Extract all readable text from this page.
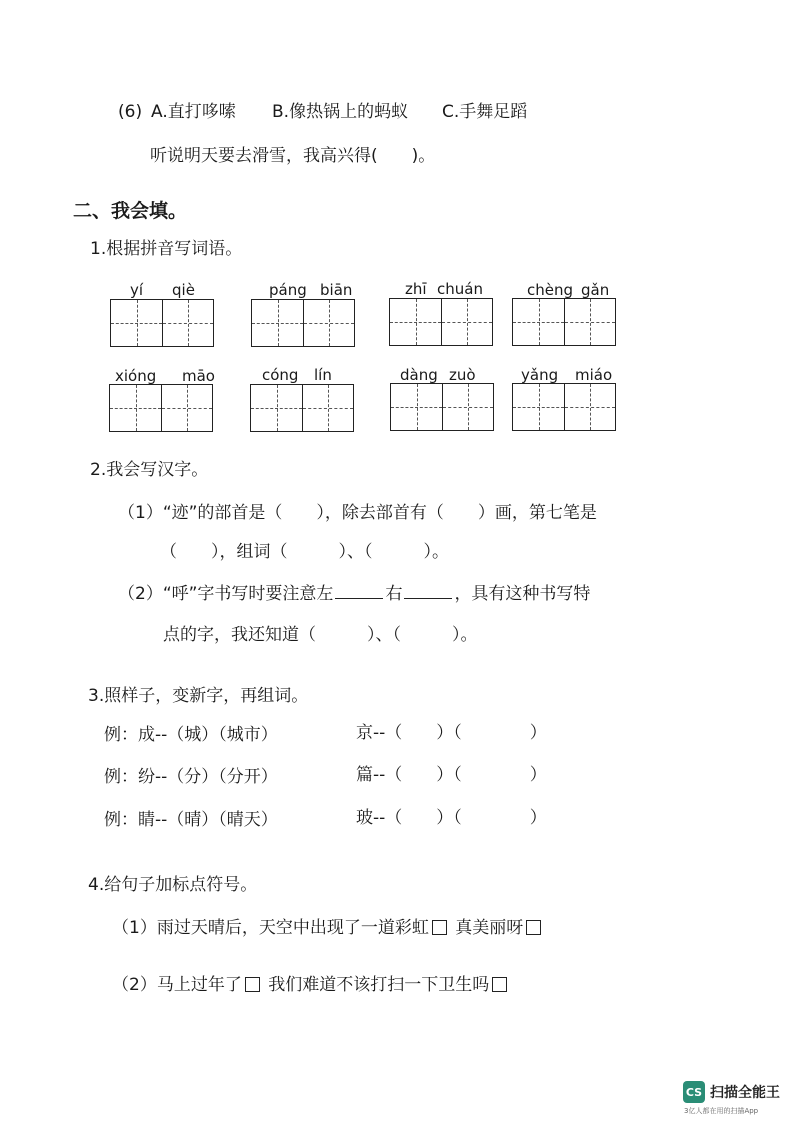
(6) A.直打哆嗦 B.像热锅上的蚂蚁 C.手舞足蹈
听说明天要去滑雪，我高兴得(　　)。
二、我会填。
1.根据拼音写词语。
yí qiè	páng biān	zhī chuán	chèng gǎn
xióng māo	cóng lín	dàng zuò	yǎng miáo
2.我会写汉字。
（1）“迹”的部首是（　　），除去部首有（　　）画，第七笔是
（　　），组词（　　　）、（　　　）。
（2）“呼”字书写时要注意左	右	，具有这种书写特
点的字，我还知道（　　　）、（　　　）。
3.照样子，变新字，再组词。
例：成--（城）（城市）	京--（　　）（　　　　）
例：纷--（分）（分开）	篇--（　　）（　　　　）
例：睛--（晴）（晴天）	玻--（　　）（　　　　）
4.给句子加标点符号。
（1）雨过天晴后，天空中出现了一道彩虹 真美丽呀
（2）马上过年了 我们难道不该打扫一下卫生吗
CS 扫描全能王
3亿人都在用的扫描App
